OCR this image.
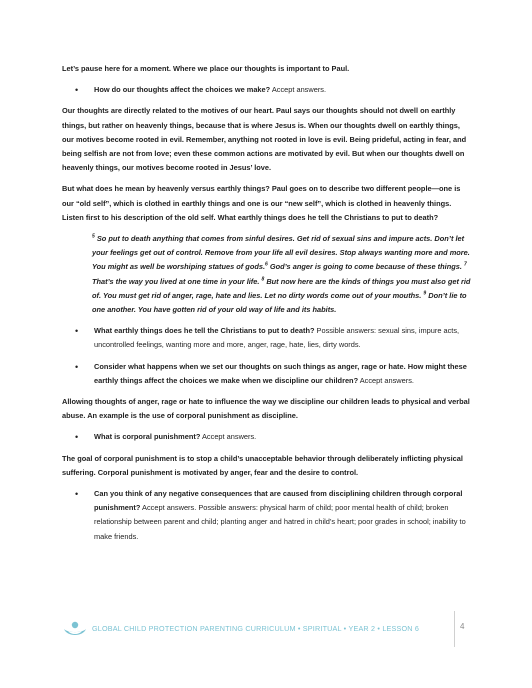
Let’s pause here for a moment. Where we place our thoughts is important to Paul.

• How do our thoughts affect the choices we make? Accept answers.

Our thoughts are directly related to the motives of our heart. Paul says our thoughts should not dwell on earthly things, but rather on heavenly things, because that is where Jesus is. When our thoughts dwell on earthly things, our motives become rooted in evil. Remember, anything not rooted in love is evil. Being prideful, acting in fear, and being selfish are not from love; even these common actions are motivated by evil. But when our thoughts dwell on heavenly things, our motives become rooted in Jesus’ love.

But what does he mean by heavenly versus earthly things? Paul goes on to describe two different people—one is our “old self”, which is clothed in earthly things and one is our “new self”, which is clothed in heavenly things. Listen first to his description of the old self. What earthly things does he tell the Christians to put to death?

$^5$ So put to death anything that comes from sinful desires. Get rid of sexual sins and impure acts. Don’t let your feelings get out of control. Remove from your life all evil desires. Stop always wanting more and more. You might as well be worshiping statues of gods.$^6$ God’s anger is going to come because of these things. $^7$ That’s the way you lived at one time in your life. $^8$ But now here are the kinds of things you must also get rid of. You must get rid of anger, rage, hate and lies. Let no dirty words come out of your mouths. $^9$ Don’t lie to one another. You have gotten rid of your old way of life and its habits.

• What earthly things does he tell the Christians to put to death? Possible answers: sexual sins, impure acts, uncontrolled feelings, wanting more and more, anger, rage, hate, lies, dirty words.

• Consider what happens when we set our thoughts on such things as anger, rage or hate. How might these earthly things affect the choices we make when we discipline our children? Accept answers.

Allowing thoughts of anger, rage or hate to influence the way we discipline our children leads to physical and verbal abuse. An example is the use of corporal punishment as discipline.

• What is corporal punishment? Accept answers.

The goal of corporal punishment is to stop a child’s unacceptable behavior through deliberately inflicting physical suffering. Corporal punishment is motivated by anger, fear and the desire to control.

• Can you think of any negative consequences that are caused from disciplining children through corporal punishment? Accept answers. Possible answers: physical harm of child; poor mental health of child; broken relationship between parent and child; planting anger and hatred in child’s heart; poor grades in school; inability to make friends.

GLOBAL CHILD PROTECTION PARENTING CURRICULUM • SPIRITUAL • YEAR 2 • LESSON 6	4
